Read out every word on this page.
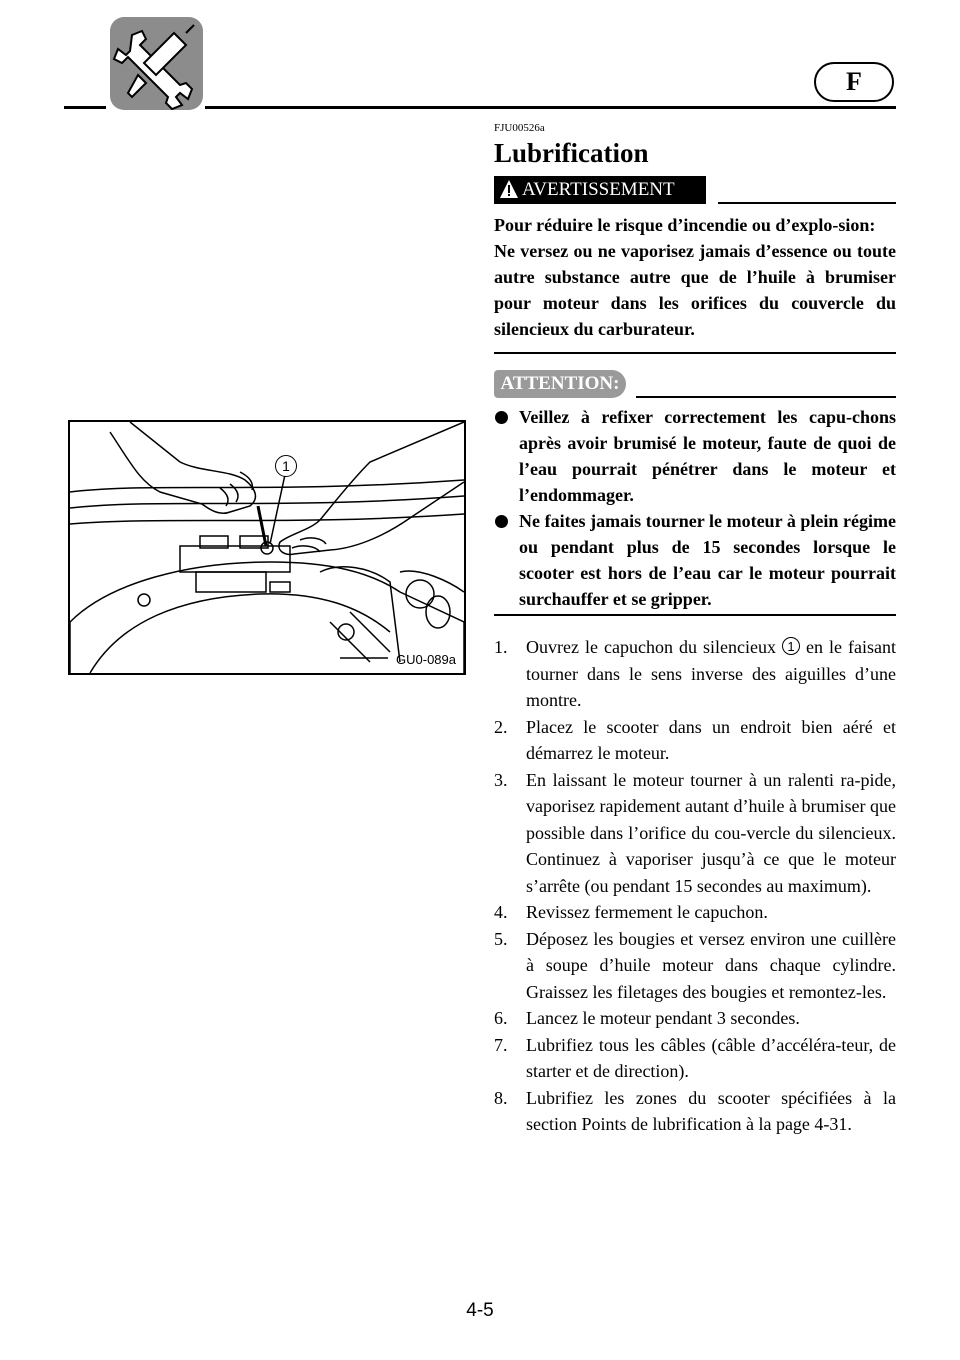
F
FJU00526a
Lubrification
AVERTISSEMENT

Pour réduire le risque d’incendie ou d’explo-sion:

Ne versez ou ne vaporisez jamais d’essence ou toute autre substance autre que de l’huile à brumiser pour moteur dans les orifices du couvercle du silencieux du carburateur.

ATTENTION:

Veillez à refixer correctement les capu-chons après avoir brumisé le moteur, faute de quoi de l’eau pourrait pénétrer dans le moteur et l’endommager.

Ne faites jamais tourner le moteur à plein régime ou pendant plus de 15 secondes lorsque le scooter est hors de l’eau car le moteur pourrait surchauffer et se gripper.

1. Ouvrez le capuchon du silencieux 1 en le faisant tourner dans le sens inverse des aiguilles d’une montre.

2. Placez le scooter dans un endroit bien aéré et démarrez le moteur.

3. En laissant le moteur tourner à un ralenti ra-pide, vaporisez rapidement autant d’huile à brumiser que possible dans l’orifice du cou-vercle du silencieux. Continuez à vaporiser jusqu’à ce que le moteur s’arrête (ou pendant 15 secondes au maximum).

4. Revissez fermement le capuchon.

5. Déposez les bougies et versez environ une cuillère à soupe d’huile moteur dans chaque cylindre. Graissez les filetages des bougies et remontez-les.

6. Lancez le moteur pendant 3 secondes.

7. Lubrifiez tous les câbles (câble d’accéléra-teur, de starter et de direction).

8. Lubrifiez les zones du scooter spécifiées à la section Points de lubrification à la page 4-31.

GU0-089a
1
4-5
